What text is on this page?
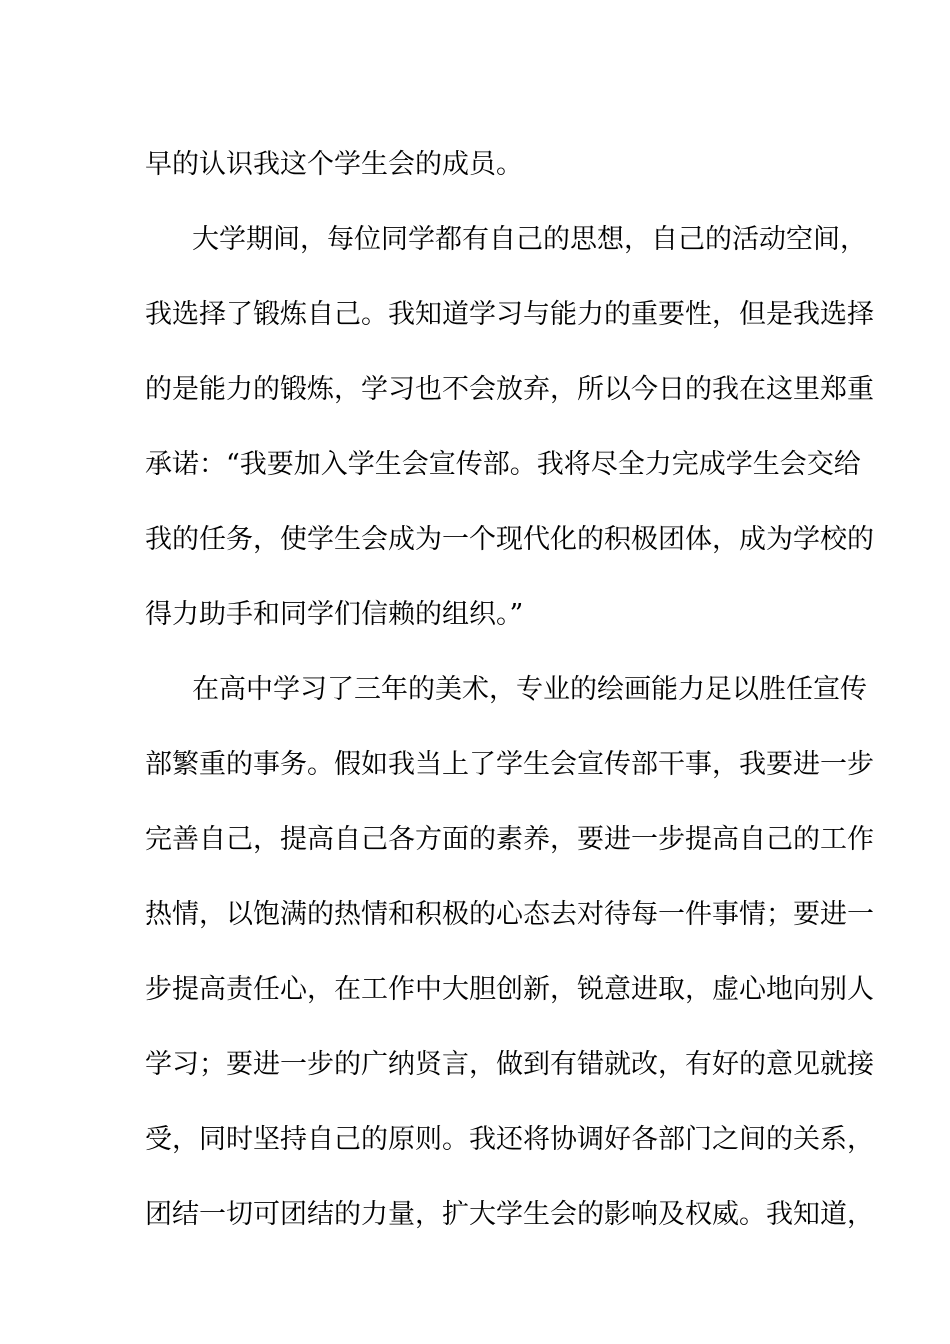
早的认识我这个学生会的成员。
大学期间，每位同学都有自己的思想，自己的活动空间，
我选择了锻炼自己。我知道学习与能力的重要性，但是我选择
的是能力的锻炼，学习也不会放弃，所以今日的我在这里郑重
承诺：“我要加入学生会宣传部。我将尽全力完成学生会交给
我的任务，使学生会成为一个现代化的积极团体，成为学校的
得力助手和同学们信赖的组织。”
在高中学习了三年的美术，专业的绘画能力足以胜任宣传
部繁重的事务。假如我当上了学生会宣传部干事，我要进一步
完善自己，提高自己各方面的素养，要进一步提高自己的工作
热情，以饱满的热情和积极的心态去对待每一件事情；要进一
步提高责任心，在工作中大胆创新，锐意进取，虚心地向别人
学习；要进一步的广纳贤言，做到有错就改，有好的意见就接
受，同时坚持自己的原则。我还将协调好各部门之间的关系，
团结一切可团结的力量，扩大学生会的影响及权威。我知道，
